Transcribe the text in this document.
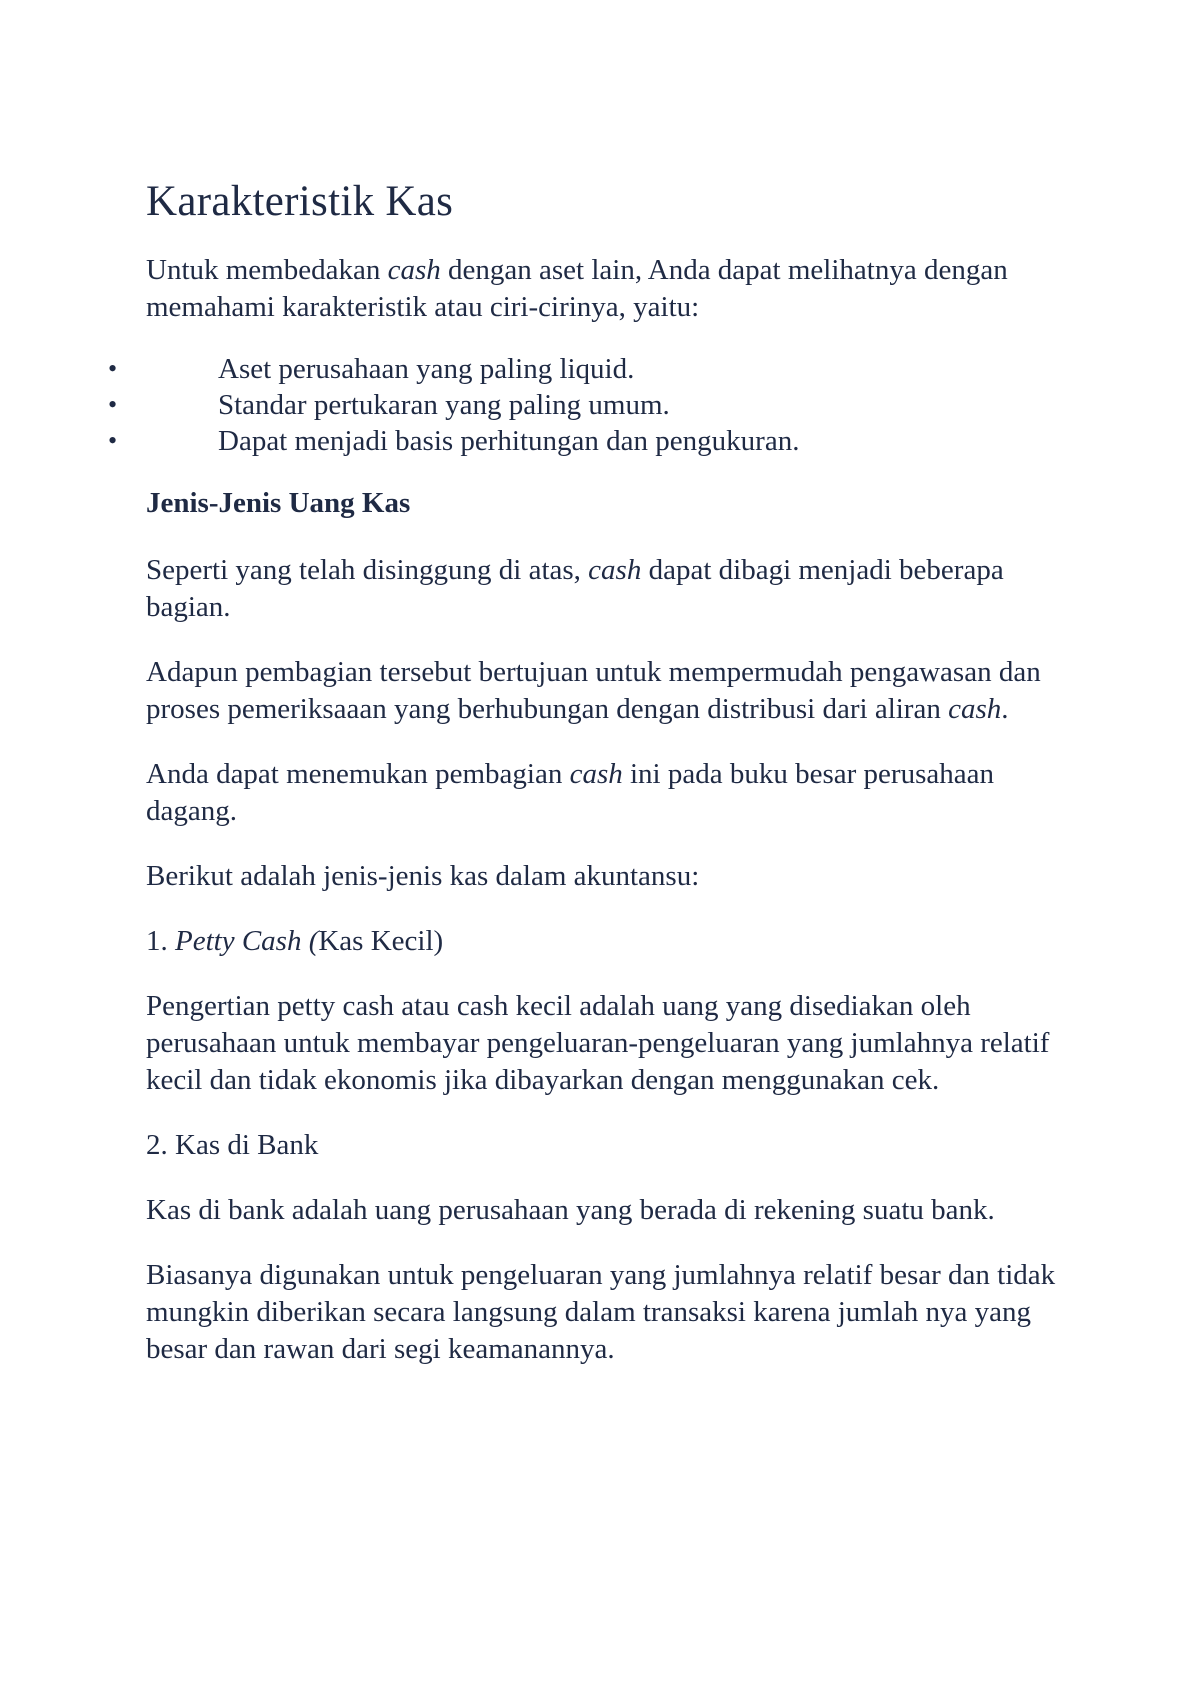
Karakteristik Kas

Untuk membedakan cash dengan aset lain, Anda dapat melihatnya dengan memahami karakteristik atau ciri-cirinya, yaitu:

•	Aset perusahaan yang paling liquid.
•	Standar pertukaran yang paling umum.
•	Dapat menjadi basis perhitungan dan pengukuran.
Jenis-Jenis Uang Kas

Seperti yang telah disinggung di atas, cash dapat dibagi menjadi beberapa bagian.

Adapun pembagian tersebut bertujuan untuk mempermudah pengawasan dan proses pemeriksaaan yang berhubungan dengan distribusi dari aliran cash.

Anda dapat menemukan pembagian cash ini pada buku besar perusahaan dagang.

Berikut adalah jenis-jenis kas dalam akuntansu:

1. Petty Cash (Kas Kecil)

Pengertian petty cash atau cash kecil adalah uang yang disediakan oleh perusahaan untuk membayar pengeluaran-pengeluaran yang jumlahnya relatif kecil dan tidak ekonomis jika dibayarkan dengan menggunakan cek.

2. Kas di Bank

Kas di bank adalah uang perusahaan yang berada di rekening suatu bank.

Biasanya digunakan untuk pengeluaran yang jumlahnya relatif besar dan tidak mungkin diberikan secara langsung dalam transaksi karena jumlah nya yang besar dan rawan dari segi keamanannya.
